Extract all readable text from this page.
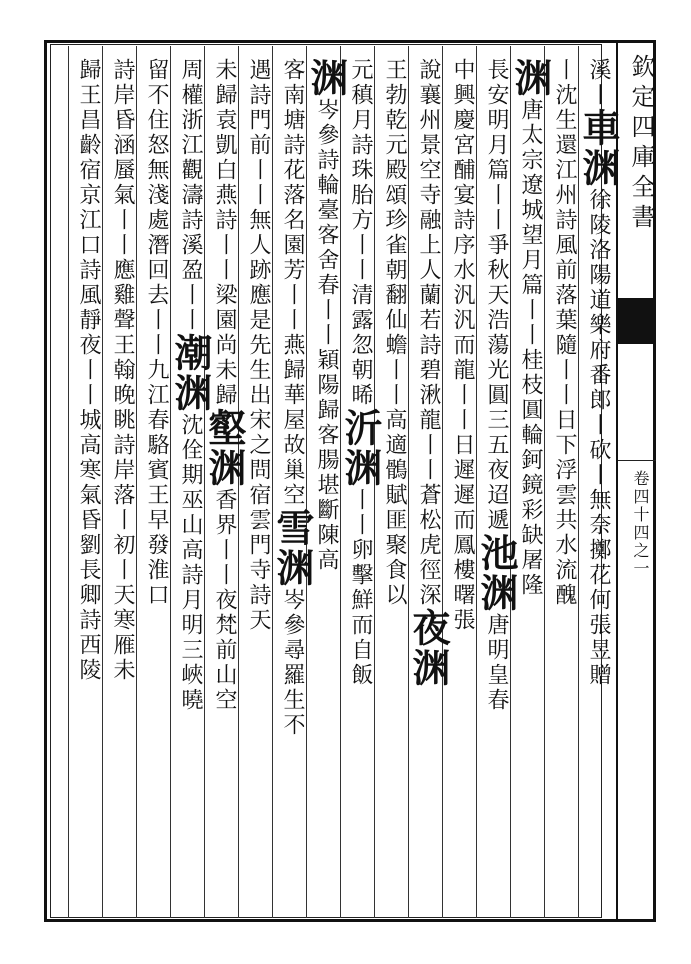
欽定四庫全書
卷四十四之一
溪丨車渊徐陵洛陽道樂府番郎丨砍丨無奈擲花何張昱贈
丨沈生還江州詩風前落葉隨丨丨日下浮雲共水流醜
渊唐太宗遼城望月篇丨丨桂枝圓輪鈳鏡彩缺屠隆
長安明月篇丨丨爭秋天浩蕩光圓三五夜迢遞池渊唐明皇春
中興慶宮酺宴詩序水汎汎而龍丨丨日遲遲而鳳樓曙張
說襄州景空寺融上人蘭若詩碧湫龍丨丨蒼松虎徑深夜渊
王勃乾元殿頌珍雀朝翻仙蟾丨丨高適鶻賦匪聚食以
元稹月詩珠胎方丨丨清露忽朝晞沂渊丨丨卵擊鮮而自飯
渊岑參詩輪臺客舍春丨丨穎陽歸客腸堪斷陳高
客南塘詩花落名園芳丨丨燕歸華屋故巢空雪渊岑參尋羅生不
遇詩門前丨丨無人跡應是先生出宋之問宿雲門寺詩天
未歸袁凱白燕詩丨丨梁園尚未歸壑渊香界丨丨夜梵前山空
周權浙江觀濤詩溪盈丨丨潮渊沈佺期巫山高詩月明三峽曉
留不住怒無淺處潛回去丨丨九江春駱賓王早發淮口
詩岸昏涵蜃氣丨丨應雞聲王翰晚眺詩岸落丨初丨天寒雁未
歸王昌齡宿京江口詩風靜夜丨丨城高寒氣昏劉長卿詩西陵
